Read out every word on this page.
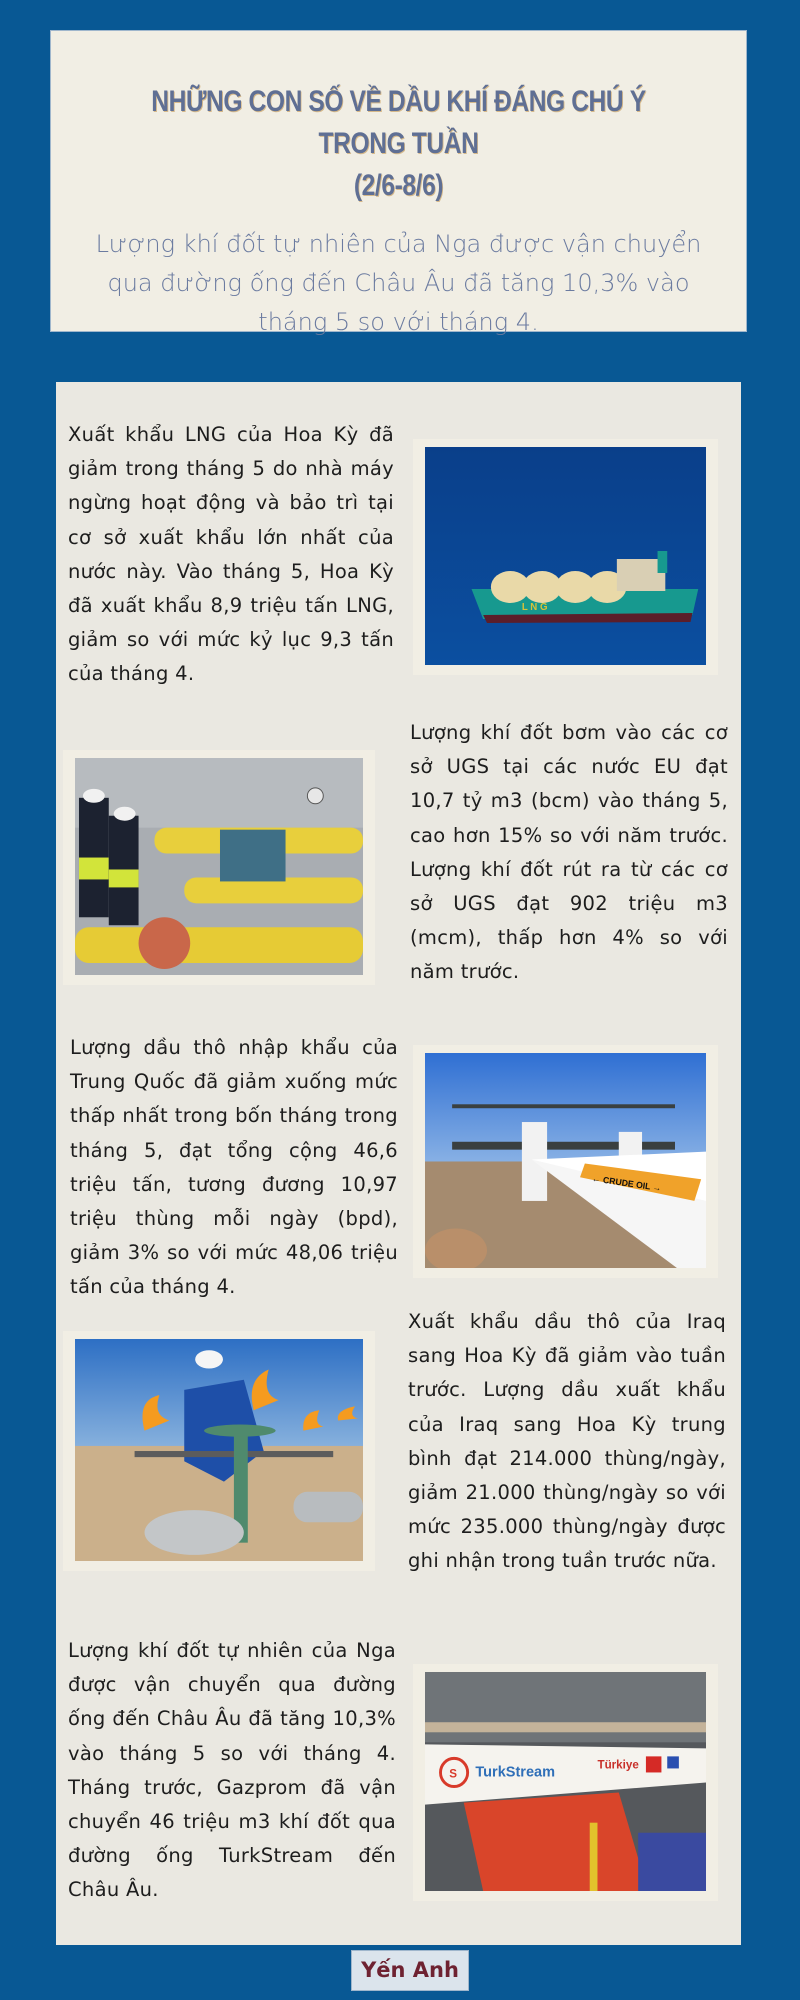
NHỮNG CON SỐ VỀ DẦU KHÍ ĐÁNG CHÚ Ý TRONG TUẦN
(2/6-8/6)
Lượng khí đốt tự nhiên của Nga được vận chuyển qua đường ống đến Châu Âu đã tăng 10,3% vào tháng 5 so với tháng 4.
Xuất khẩu LNG của Hoa Kỳ đã giảm trong tháng 5 do nhà máy ngừng hoạt động và bảo trì tại cơ sở xuất khẩu lớn nhất của nước này. Vào tháng 5, Hoa Kỳ đã xuất khẩu 8,9 triệu tấn LNG, giảm so với mức kỷ lục 9,3 tấn của tháng 4.
L N G
Lượng khí đốt bơm vào các cơ sở UGS tại các nước EU đạt 10,7 tỷ m3 (bcm) vào tháng 5, cao hơn 15% so với năm trước. Lượng khí đốt rút ra từ các cơ sở UGS đạt 902 triệu m3 (mcm), thấp hơn 4% so với năm trước.
Lượng dầu thô nhập khẩu của Trung Quốc đã giảm xuống mức thấp nhất trong bốn tháng trong tháng 5, đạt tổng cộng 46,6 triệu tấn, tương đương 10,97 triệu thùng mỗi ngày (bpd), giảm 3% so với mức 48,06 triệu tấn của tháng 4.
← CRUDE OIL →
Xuất khẩu dầu thô của Iraq sang Hoa Kỳ đã giảm vào tuần trước. Lượng dầu xuất khẩu của Iraq sang Hoa Kỳ trung bình đạt 214.000 thùng/ngày, giảm 21.000 thùng/ngày so với mức 235.000 thùng/ngày được ghi nhận trong tuần trước nữa.
Lượng khí đốt tự nhiên của Nga được vận chuyển qua đường ống đến Châu Âu đã tăng 10,3% vào tháng 5 so với tháng 4. Tháng trước, Gazprom đã vận chuyển 46 triệu m3 khí đốt qua đường ống TurkStream đến Châu Âu.
S TurkStream	Türkiye
Yến Anh
